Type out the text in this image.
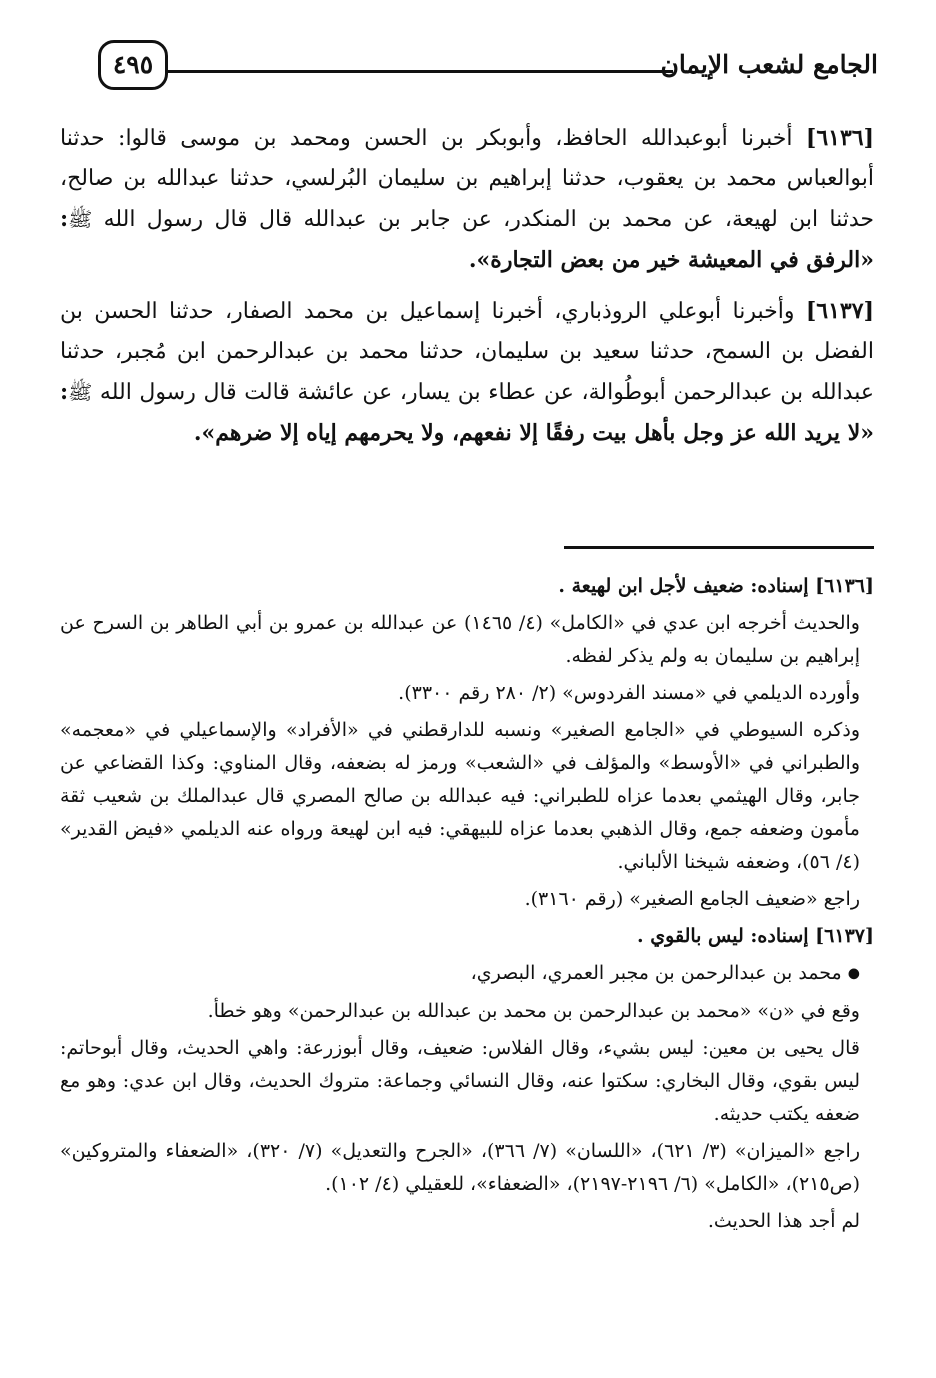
الجامع لشعب الإيمان
٤٩٥

[٦١٣٦] أخبرنا أبوعبدالله الحافظ، وأبوبكر بن الحسن ومحمد بن موسى قالوا: حدثنا أبوالعباس محمد بن يعقوب، حدثنا إبراهيم بن سليمان البُرلسي، حدثنا عبدالله بن صالح، حدثنا ابن لهيعة، عن محمد بن المنكدر، عن جابر بن عبدالله قال قال رسول الله ﷺ: «الرفق في المعيشة خير من بعض التجارة».

[٦١٣٧] وأخبرنا أبوعلي الروذباري، أخبرنا إسماعيل بن محمد الصفار، حدثنا الحسن بن الفضل بن السمح، حدثنا سعيد بن سليمان، حدثنا محمد بن عبدالرحمن ابن مُجبر، حدثنا عبدالله بن عبدالرحمن أبوطُوالة، عن عطاء بن يسار، عن عائشة قالت قال رسول الله ﷺ: «لا يريد الله عز وجل بأهل بيت رفقًا إلا نفعهم، ولا يحرمهم إياه إلا ضرهم».

[٦١٣٦] إسناده: ضعيف لأجل ابن لهيعة .

والحديث أخرجه ابن عدي في «الكامل» (٤/ ١٤٦٥) عن عبدالله بن عمرو بن أبي الطاهر بن السرح عن إبراهيم بن سليمان به ولم يذكر لفظه.

وأورده الديلمي في «مسند الفردوس» (٢/ ٢٨٠ رقم ٣٣٠٠).

وذكره السيوطي في «الجامع الصغير» ونسبه للدارقطني في «الأفراد» والإسماعيلي في «معجمه» والطبراني في «الأوسط» والمؤلف في «الشعب» ورمز له بضعفه، وقال المناوي: وكذا القضاعي عن جابر، وقال الهيثمي بعدما عزاه للطبراني: فيه عبدالله بن صالح المصري قال عبدالملك بن شعيب ثقة مأمون وضعفه جمع، وقال الذهبي بعدما عزاه للبيهقي: فيه ابن لهيعة ورواه عنه الديلمي «فيض القدير» (٤/ ٥٦)، وضعفه شيخنا الألباني.

راجع «ضعيف الجامع الصغير» (رقم ٣١٦٠).

[٦١٣٧] إسناده: ليس بالقوي .

● محمد بن عبدالرحمن بن مجبر العمري، البصري،

وقع في «ن» «محمد بن عبدالرحمن بن محمد بن عبدالله بن عبدالرحمن» وهو خطأ.

قال يحيى بن معين: ليس بشيء، وقال الفلاس: ضعيف، وقال أبوزرعة: واهي الحديث، وقال أبوحاتم: ليس بقوي، وقال البخاري: سكتوا عنه، وقال النسائي وجماعة: متروك الحديث، وقال ابن عدي: وهو مع ضعفه يكتب حديثه.

راجع «الميزان» (٣/ ٦٢١)، «اللسان» (٧/ ٣٦٦)، «الجرح والتعديل» (٧/ ٣٢٠)، «الضعفاء والمتروكين» (ص٢١٥)، «الكامل» (٦/ ٢١٩٦-٢١٩٧)، «الضعفاء»، للعقيلي (٤/ ١٠٢).

لم أجد هذا الحديث.
